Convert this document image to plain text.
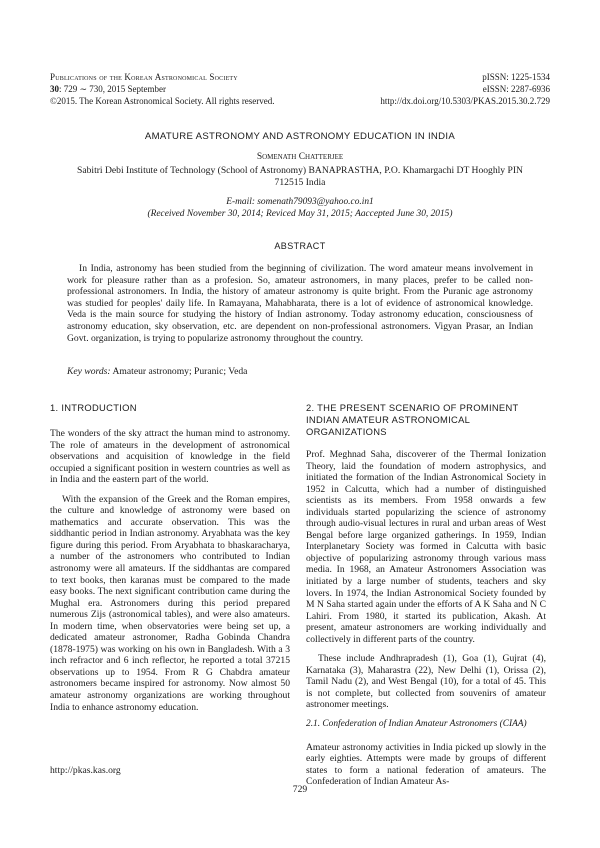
Publications of the Korean Astronomical Society
30: 729 ∼ 730, 2015 September
©2015. The Korean Astronomical Society. All rights reserved.
pISSN: 1225-1534
eISSN: 2287-6936
http://dx.doi.org/10.5303/PKAS.2015.30.2.729
AMATURE ASTRONOMY AND ASTRONOMY EDUCATION IN INDIA
Somenath Chatterjee
Sabitri Debi Institute of Technology (School of Astronomy) BANAPRASTHA, P.O. Khamargachi DT Hooghly PIN
712515 India
E-mail: somenath79093@yahoo.co.in1
(Received November 30, 2014; Reviced May 31, 2015; Aaccepted June 30, 2015)
ABSTRACT
In India, astronomy has been studied from the beginning of civilization. The word amateur means involvement in work for pleasure rather than as a profesion. So, amateur astronomers, in many places, prefer to be called non-professional astronomers. In India, the history of amateur astronomy is quite bright. From the Puranic age astronomy was studied for peoples' daily life. In Ramayana, Mahabharata, there is a lot of evidence of astronomical knowledge. Veda is the main source for studying the history of Indian astronomy. Today astronomy education, consciousness of astronomy education, sky observation, etc. are dependent on non-professional astronomers. Vigyan Prasar, an Indian Govt. organization, is trying to popularize astronomy throughout the country.
Key words: Amateur astronomy; Puranic; Veda
1. INTRODUCTION

The wonders of the sky attract the human mind to astronomy. The role of amateurs in the development of astronomical observations and acquisition of knowledge in the field occupied a significant position in western countries as well as in India and the eastern part of the world.

With the expansion of the Greek and the Roman empires, the culture and knowledge of astronomy were based on mathematics and accurate observation. This was the siddhantic period in Indian astronomy. Aryabhata was the key figure during this period. From Aryabhata to bhaskaracharya, a number of the astronomers who contributed to Indian astronomy were all amateurs. If the siddhantas are compared to text books, then karanas must be compared to the made easy books. The next significant contribution came during the Mughal era. Astronomers during this period prepared numerous Zijs (astronomical tables), and were also amateurs. In modern time, when observatories were being set up, a dedicated amateur astronomer, Radha Gobinda Chandra (1878-1975) was working on his own in Bangladesh. With a 3 inch refractor and 6 inch reflector, he reported a total 37215 observations up to 1954. From R G Chabdra amateur astronomers became inspired for astronomy. Now almost 50 amateur astronomy organizations are working throughout India to enhance astronomy education.

2. THE PRESENT SCENARIO OF PROMINENT INDIAN AMATEUR ASTRONOMICAL ORGANIZATIONS

Prof. Meghnad Saha, discoverer of the Thermal Ionization Theory, laid the foundation of modern astrophysics, and initiated the formation of the Indian Astronomical Society in 1952 in Calcutta, which had a number of distinguished scientists as its members. From 1958 onwards a few individuals started popularizing the science of astronomy through audio-visual lectures in rural and urban areas of West Bengal before large organized gatherings. In 1959, Indian Interplanetary Society was formed in Calcutta with basic objective of popularizing astronomy through various mass media. In 1968, an Amateur Astronomers Association was initiated by a large number of students, teachers and sky lovers. In 1974, the Indian Astronomical Society founded by M N Saha started again under the efforts of A K Saha and N C Lahiri. From 1980, it started its publication, Akash. At present, amateur astronomers are working individually and collectively in different parts of the country.

These include Andhrapradesh (1), Goa (1), Gujrat (4), Karnataka (3), Maharastra (22), New Delhi (1), Orissa (2), Tamil Nadu (2), and West Bengal (10), for a total of 45. This is not complete, but collected from souvenirs of amateur astronomer meetings.

2.1. Confederation of Indian Amateur Astronomers (CIAA)

Amateur astronomy activities in India picked up slowly in the early eighties. Attempts were made by groups of different states to form a national federation of amateurs. The Confederation of Indian Amateur As-

http://pkas.kas.org
729
